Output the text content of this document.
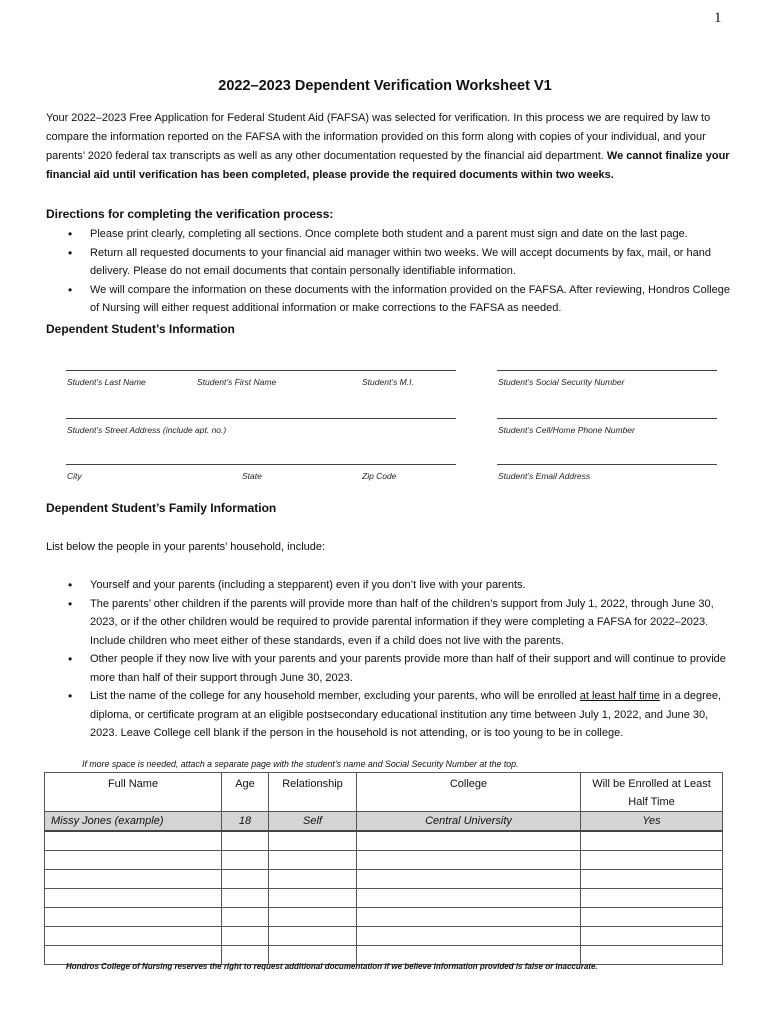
1
2022–2023 Dependent Verification Worksheet V1
Your 2022–2023 Free Application for Federal Student Aid (FAFSA) was selected for verification. In this process we are required by law to compare the information reported on the FAFSA with the information provided on this form along with copies of your individual, and your parents’ 2020 federal tax transcripts as well as any other documentation requested by the financial aid department. We cannot finalize your financial aid until verification has been completed, please provide the required documents within two weeks.
Directions for completing the verification process:
• Please print clearly, completing all sections. Once complete both student and a parent must sign and date on the last page.
• Return all requested documents to your financial aid manager within two weeks. We will accept documents by fax, mail, or hand delivery. Please do not email documents that contain personally identifiable information.
• We will compare the information on these documents with the information provided on the FAFSA. After reviewing, Hondros College of Nursing will either request additional information or make corrections to the FAFSA as needed.
Dependent Student’s Information
Student’s Last Name	Student’s First Name	Student’s M.I.	Student’s Social Security Number
Student’s Street Address (include apt. no.)	Student’s Cell/Home Phone Number
City	State	Zip Code	Student’s Email Address
Dependent Student’s Family Information
List below the people in your parents’ household, include:
• Yourself and your parents (including a stepparent) even if you don’t live with your parents.
• The parents’ other children if the parents will provide more than half of the children’s support from July 1, 2022, through June 30, 2023, or if the other children would be required to provide parental information if they were completing a FAFSA for 2022–2023. Include children who meet either of these standards, even if a child does not live with the parents.
• Other people if they now live with your parents and your parents provide more than half of their support and will continue to provide more than half of their support through June 30, 2023.
• List the name of the college for any household member, excluding your parents, who will be enrolled at least half time in a degree, diploma, or certificate program at an eligible postsecondary educational institution any time between July 1, 2022, and June 30, 2023. Leave College cell blank if the person in the household is not attending, or is too young to be in college.
If more space is needed, attach a separate page with the student’s name and Social Security Number at the top.
Full Name	Age	Relationship	College	Will be Enrolled at Least Half Time
Missy Jones (example)	18	Self	Central University	Yes

Hondros College of Nursing reserves the right to request additional documentation if we believe information provided is false or inaccurate.
